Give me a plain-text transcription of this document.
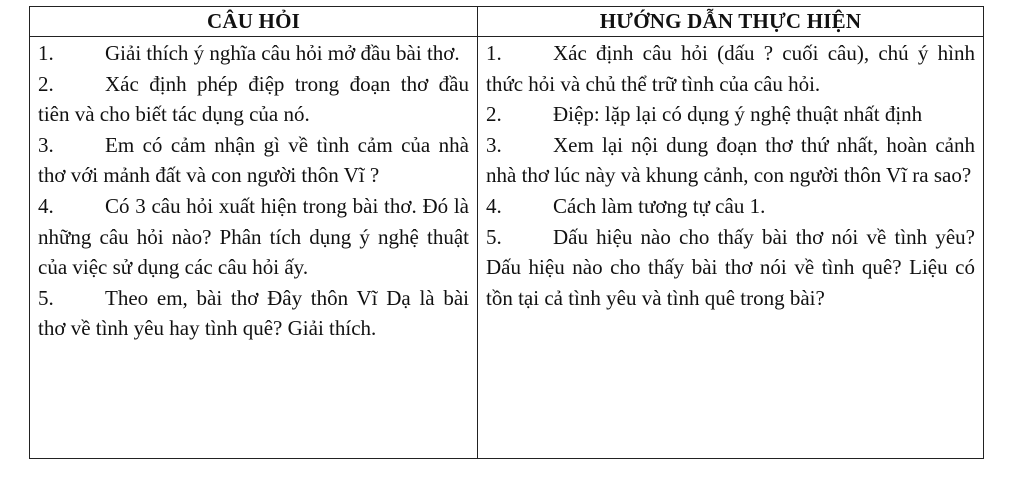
CÂU HỎI	HƯỚNG DẪN THỰC HIỆN

1. Giải thích ý nghĩa câu hỏi mở đầu bài thơ.

2. Xác định phép điệp trong đoạn thơ đầu tiên và cho biết tác dụng của nó.

3. Em có cảm nhận gì về tình cảm của nhà thơ với mảnh đất và con người thôn Vĩ ?

4. Có 3 câu hỏi xuất hiện trong bài thơ. Đó là những câu hỏi nào? Phân tích dụng ý nghệ thuật của việc sử dụng các câu hỏi ấy.

5. Theo em, bài thơ Đây thôn Vĩ Dạ là bài thơ về tình yêu hay tình quê? Giải thích.

1. Xác định câu hỏi (dấu ? cuối câu), chú ý hình thức hỏi và chủ thể trữ tình của câu hỏi.

2. Điệp: lặp lại có dụng ý nghệ thuật nhất định

3. Xem lại nội dung đoạn thơ thứ nhất, hoàn cảnh nhà thơ lúc này và khung cảnh, con người thôn Vĩ ra sao?

4. Cách làm tương tự câu 1.

5. Dấu hiệu nào cho thấy bài thơ nói về tình yêu? Dấu hiệu nào cho thấy bài thơ nói về tình quê? Liệu có tồn tại cả tình yêu và tình quê trong bài?
